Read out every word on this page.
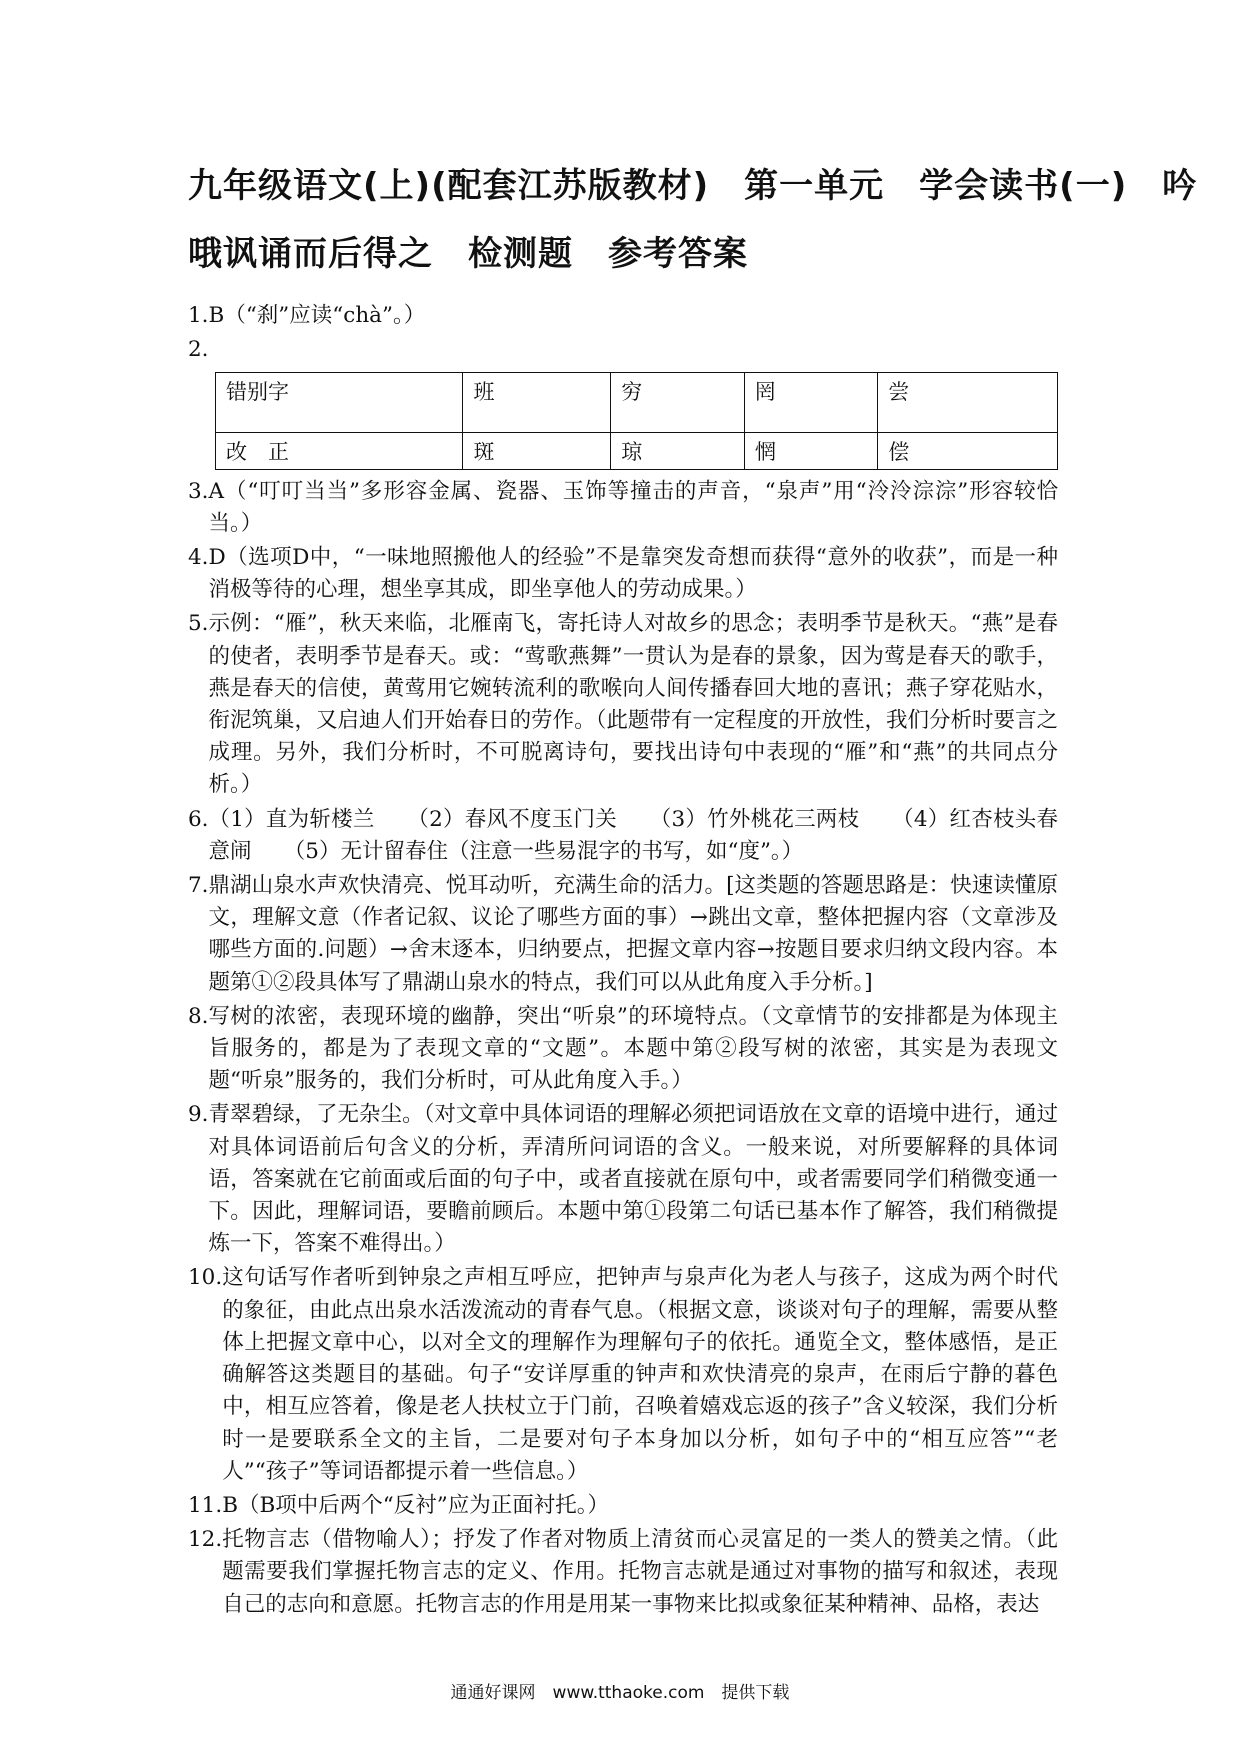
九年级语文(上)(配套江苏版教材)　第一单元　学会读书(一)　吟
哦讽诵而后得之　检测题　参考答案
1. B（“刹”应读“chà”。）
2.
错别字	班	穷	罔	尝
改　正	斑	琼	惘	偿
3. A（“叮叮当当”多形容金属、瓷器、玉饰等撞击的声音，“泉声”用“泠泠淙淙”形容较恰当。）
4. D（选项D中，“一味地照搬他人的经验”不是靠突发奇想而获得“意外的收获”，而是一种消极等待的心理，想坐享其成，即坐享他人的劳动成果。）
5. 示例：“雁”，秋天来临，北雁南飞，寄托诗人对故乡的思念；表明季节是秋天。“燕”是春的使者，表明季节是春天。或：“莺歌燕舞”一贯认为是春的景象，因为莺是春天的歌手，燕是春天的信使，黄莺用它婉转流利的歌喉向人间传播春回大地的喜讯；燕子穿花贴水，衔泥筑巢，又启迪人们开始春日的劳作。（此题带有一定程度的开放性，我们分析时要言之成理。另外，我们分析时，不可脱离诗句，要找出诗句中表现的“雁”和“燕”的共同点分析。）
6. （1）直为斩楼兰　　（2）春风不度玉门关　　（3）竹外桃花三两枝　　（4）红杏枝头春意闹　　（5）无计留春住（注意一些易混字的书写，如“度”。）
7. 鼎湖山泉水声欢快清亮、悦耳动听，充满生命的活力。[这类题的答题思路是：快速读懂原文，理解文意（作者记叙、议论了哪些方面的事）→跳出文章，整体把握内容（文章涉及哪些方面的.问题）→舍末逐本，归纳要点，把握文章内容→按题目要求归纳文段内容。本题第①②段具体写了鼎湖山泉水的特点，我们可以从此角度入手分析。]
8. 写树的浓密，表现环境的幽静，突出“听泉”的环境特点。（文章情节的安排都是为体现主旨服务的，都是为了表现文章的“文题”。本题中第②段写树的浓密，其实是为表现文题“听泉”服务的，我们分析时，可从此角度入手。）
9. 青翠碧绿，了无杂尘。（对文章中具体词语的理解必须把词语放在文章的语境中进行，通过对具体词语前后句含义的分析，弄清所问词语的含义。一般来说，对所要解释的具体词语，答案就在它前面或后面的句子中，或者直接就在原句中，或者需要同学们稍微变通一下。因此，理解词语，要瞻前顾后。本题中第①段第二句话已基本作了解答，我们稍微提炼一下，答案不难得出。）
10. 这句话写作者听到钟泉之声相互呼应，把钟声与泉声化为老人与孩子，这成为两个时代的象征，由此点出泉水活泼流动的青春气息。（根据文意，谈谈对句子的理解，需要从整体上把握文章中心，以对全文的理解作为理解句子的依托。通览全文，整体感悟，是正确解答这类题目的基础。句子“安详厚重的钟声和欢快清亮的泉声，在雨后宁静的暮色中，相互应答着，像是老人扶杖立于门前，召唤着嬉戏忘返的孩子”含义较深，我们分析时一是要联系全文的主旨，二是要对句子本身加以分析，如句子中的“相互应答”“老人”“孩子”等词语都提示着一些信息。）
11. B（B项中后两个“反衬”应为正面衬托。）
12. 托物言志（借物喻人）；抒发了作者对物质上清贫而心灵富足的一类人的赞美之情。（此题需要我们掌握托物言志的定义、作用。托物言志就是通过对事物的描写和叙述，表现自己的志向和意愿。托物言志的作用是用某一事物来比拟或象征某种精神、品格，表达
通通好课网　www.tthaoke.com　提供下载
